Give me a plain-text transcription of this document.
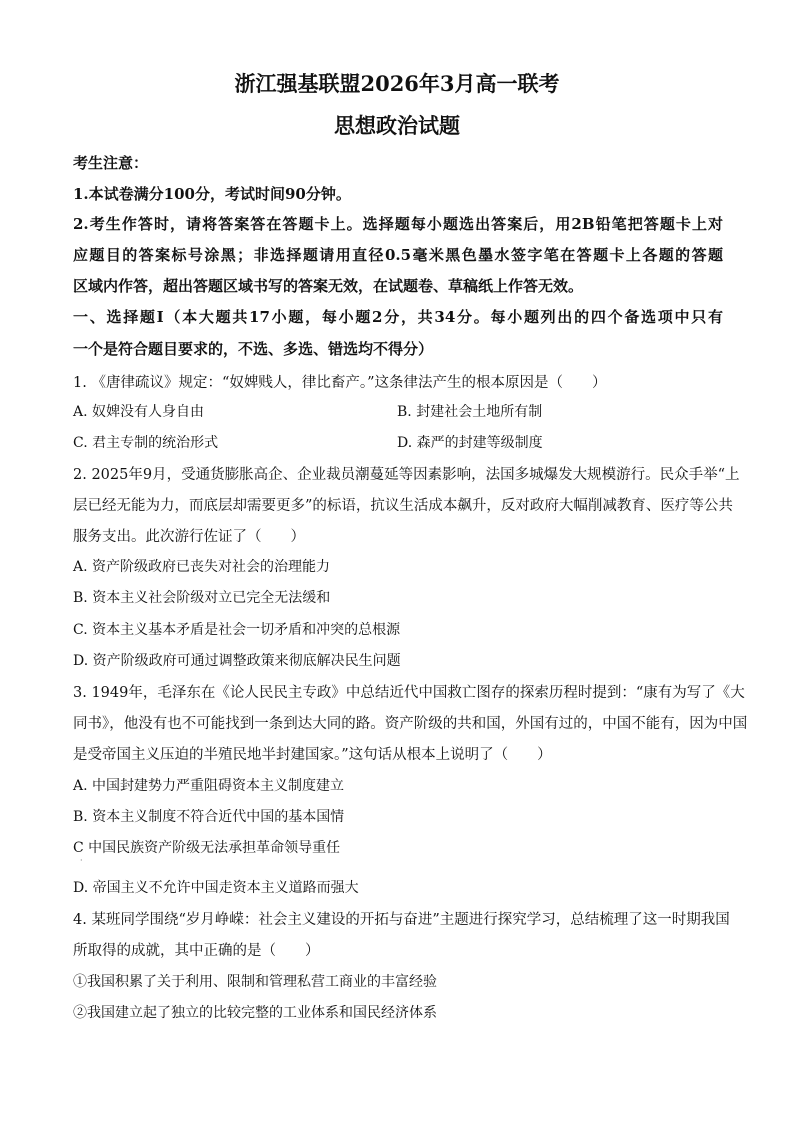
浙江强基联盟2026年3月高一联考
思想政治试题
考生注意：
1.本试卷满分100分，考试时间90分钟。
2.考生作答时，请将答案答在答题卡上。选择题每小题选出答案后，用2B铅笔把答题卡上对
应题目的答案标号涂黑；非选择题请用直径0.5毫米黑色墨水签字笔在答题卡上各题的答题
区域内作答，超出答题区域书写的答案无效，在试题卷、草稿纸上作答无效。
一、选择题Ⅰ（本大题共17小题，每小题2分，共34分。每小题列出的四个备选项中只有
一个是符合题目要求的，不选、多选、错选均不得分）
1. 《唐律疏议》规定：“奴婢贱人，律比畜产。”这条律法产生的根本原因是（　　）
A. 奴婢没有人身自由	B. 封建社会土地所有制
C. 君主专制的统治形式	D. 森严的封建等级制度
2. 2025年9月，受通货膨胀高企、企业裁员潮蔓延等因素影响，法国多城爆发大规模游行。民众手举“上
层已经无能为力，而底层却需要更多”的标语，抗议生活成本飙升，反对政府大幅削减教育、医疗等公共
服务支出。此次游行佐证了（　　）
A. 资产阶级政府已丧失对社会的治理能力
B. 资本主义社会阶级对立已完全无法缓和
C. 资本主义基本矛盾是社会一切矛盾和冲突的总根源
D. 资产阶级政府可通过调整政策来彻底解决民生问题
3. 1949年，毛泽东在《论人民民主专政》中总结近代中国救亡图存的探索历程时提到：“康有为写了《大
同书》，他没有也不可能找到一条到达大同的路。资产阶级的共和国，外国有过的，中国不能有，因为中国
是受帝国主义压迫的半殖民地半封建国家。”这句话从根本上说明了（　　）
A. 中国封建势力严重阻碍资本主义制度建立
B. 资本主义制度不符合近代中国的基本国情
C 中国民族资产阶级无法承担革命领导重任
·
D. 帝国主义不允许中国走资本主义道路而强大
4. 某班同学围绕“岁月峥嵘：社会主义建设的开拓与奋进”主题进行探究学习，总结梳理了这一时期我国
所取得的成就，其中正确的是（　　）
①我国积累了关于利用、限制和管理私营工商业的丰富经验
②我国建立起了独立的比较完整的工业体系和国民经济体系
